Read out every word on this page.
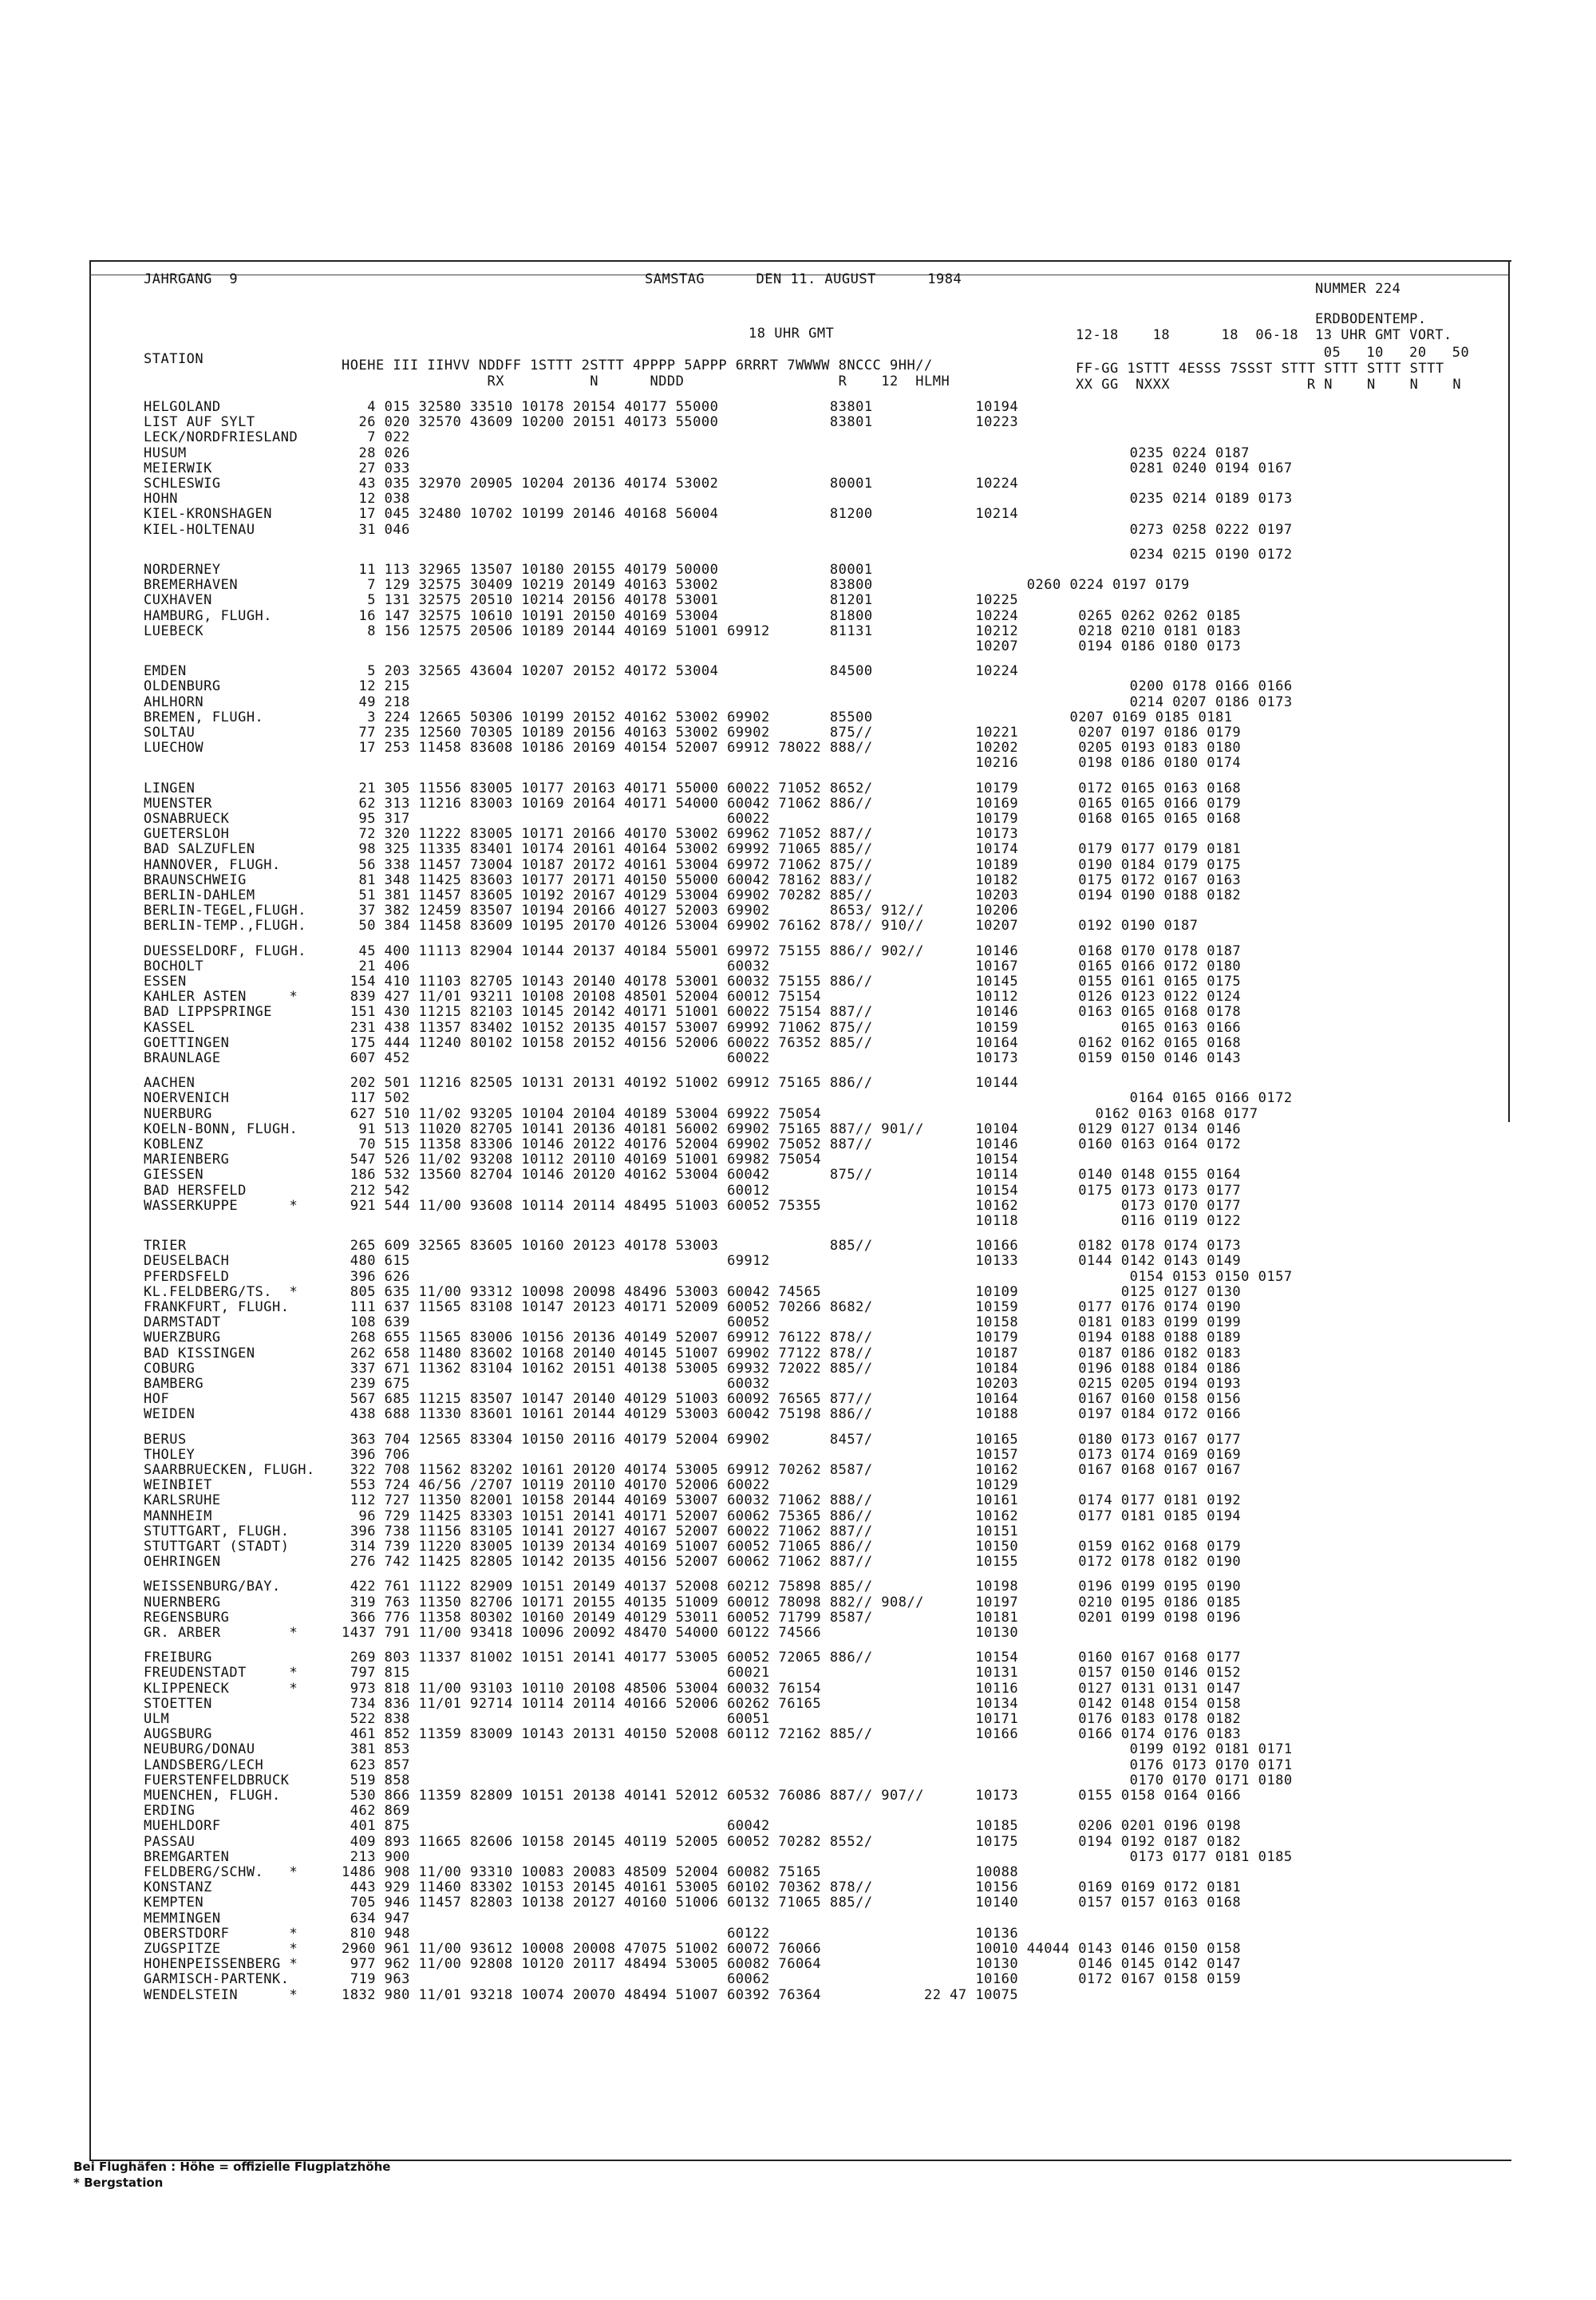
JAHRGANG  9	SAMSTAG      DEN 11. AUGUST      1984
NUMMER 224
ERDBODENTEMP.
18 UHR GMT	12-18    18      18  06-18 13 UHR GMT VORT.
05   10   20   50
STATION	HOEHE III IIHVV NDDFF 1STTT 2STTT 4PPPP 5APPP 6RRRT 7WWWW 8NCCC 9HH//	FF-GG 1STTT 4ESSS 7SSST STTT STTT STTT STTT
RX          N      NDDD                  R    12  HLMH	XX GG  NXXX                R N    N    N    N
HELGOLAND	4 015 32580 33510 10178 20154 40177 55000             83801            10194
LIST AUF SYLT	26 020 32570 43609 10200 20151 40173 55000             83801            10223
LECK/NORDFRIESLAND	7 022
HUSUM	28 026                                                                                    0235 0224 0187
MEIERWIK	27 033                                                                                    0281 0240 0194 0167
SCHLESWIG	43 035 32970 20905 10204 20136 40174 53002             80001            10224
HOHN	12 038                                                                                    0235 0214 0189 0173
KIEL-KRONSHAGEN	17 045 32480 10702 10199 20146 40168 56004             81200            10214
KIEL-HOLTENAU	31 046                                                                                    0273 0258 0222 0197
0234 0215 0190 0172
NORDERNEY	11 113 32965 13507 10180 20155 40179 50000             80001
BREMERHAVEN	7 129 32575 30409 10219 20149 40163 53002             83800                  0260 0224 0197 0179
CUXHAVEN	5 131 32575 20510 10214 20156 40178 53001             81201            10225
HAMBURG, FLUGH.	16 147 32575 10610 10191 20150 40169 53004             81800            10224       0265 0262 0262 0185
LUEBECK	8 156 12575 20506 10189 20144 40169 51001 69912       81131            10212       0218 0210 0181 0183
10207       0194 0186 0180 0173
EMDEN	5 203 32565 43604 10207 20152 40172 53004             84500            10224
OLDENBURG	12 215                                                                                    0200 0178 0166 0166
AHLHORN	49 218                                                                                    0214 0207 0186 0173
BREMEN, FLUGH.	3 224 12665 50306 10199 20152 40162 53002 69902       85500                       0207 0169 0185 0181
SOLTAU	77 235 12560 70305 10189 20156 40163 53002 69902       875//            10221       0207 0197 0186 0179
LUECHOW	17 253 11458 83608 10186 20169 40154 52007 69912 78022 888//            10202       0205 0193 0183 0180
10216       0198 0186 0180 0174
LINGEN	21 305 11556 83005 10177 20163 40171 55000 60022 71052 8652/            10179       0172 0165 0163 0168
MUENSTER	62 313 11216 83003 10169 20164 40171 54000 60042 71062 886//            10169       0165 0165 0166 0179
OSNABRUECK	95 317                                     60022                        10179       0168 0165 0165 0168
GUETERSLOH	72 320 11222 83005 10171 20166 40170 53002 69962 71052 887//            10173
BAD SALZUFLEN	98 325 11335 83401 10174 20161 40164 53002 69992 71065 885//            10174       0179 0177 0179 0181
HANNOVER, FLUGH.	56 338 11457 73004 10187 20172 40161 53004 69972 71062 875//            10189       0190 0184 0179 0175
BRAUNSCHWEIG	81 348 11425 83603 10177 20171 40150 55000 60042 78162 883//            10182       0175 0172 0167 0163
BERLIN-DAHLEM	51 381 11457 83605 10192 20167 40129 53004 69902 70282 885//            10203       0194 0190 0188 0182
BERLIN-TEGEL,FLUGH.	37 382 12459 83507 10194 20166 40127 52003 69902       8653/ 912//      10206
BERLIN-TEMP.,FLUGH.	50 384 11458 83609 10195 20170 40126 53004 69902 76162 878// 910//      10207       0192 0190 0187
DUESSELDORF, FLUGH.	45 400 11113 82904 10144 20137 40184 55001 69972 75155 886// 902//      10146       0168 0170 0178 0187
BOCHOLT	21 406                                     60032                        10167       0165 0166 0172 0180
ESSEN	154 410 11103 82705 10143 20140 40178 53001 60032 75155 886//            10145       0155 0161 0165 0175
KAHLER ASTEN     *	839 427 11/01 93211 10108 20108 48501 52004 60012 75154                  10112       0126 0123 0122 0124
BAD LIPPSPRINGE	151 430 11215 82103 10145 20142 40171 51001 60022 75154 887//            10146       0163 0165 0168 0178
KASSEL	231 438 11357 83402 10152 20135 40157 53007 69992 71062 875//            10159            0165 0163 0166
GOETTINGEN	175 444 11240 80102 10158 20152 40156 52006 60022 76352 885//            10164       0162 0162 0165 0168
BRAUNLAGE	607 452                                     60022                        10173       0159 0150 0146 0143
AACHEN	202 501 11216 82505 10131 20131 40192 51002 69912 75165 886//            10144
NOERVENICH	117 502                                                                                    0164 0165 0166 0172
NUERBURG	627 510 11/02 93205 10104 20104 40189 53004 69922 75054                                0162 0163 0168 0177
KOELN-BONN, FLUGH.	91 513 11020 82705 10141 20136 40181 56002 69902 75165 887// 901//      10104       0129 0127 0134 0146
KOBLENZ	70 515 11358 83306 10146 20122 40176 52004 69902 75052 887//            10146       0160 0163 0164 0172
MARIENBERG	547 526 11/02 93208 10112 20110 40169 51001 69982 75054                  10154
GIESSEN	186 532 13560 82704 10146 20120 40162 53004 60042       875//            10114       0140 0148 0155 0164
BAD HERSFELD	212 542                                     60012                        10154       0175 0173 0173 0177
WASSERKUPPE      *	921 544 11/00 93608 10114 20114 48495 51003 60052 75355                  10162            0173 0170 0177
10118            0116 0119 0122
TRIER	265 609 32565 83605 10160 20123 40178 53003             885//            10166       0182 0178 0174 0173
DEUSELBACH	480 615                                     69912                        10133       0144 0142 0143 0149
PFERDSFELD	396 626                                                                                    0154 0153 0150 0157
KL.FELDBERG/TS.  *	805 635 11/00 93312 10098 20098 48496 53003 60042 74565                  10109            0125 0127 0130
FRANKFURT, FLUGH.	111 637 11565 83108 10147 20123 40171 52009 60052 70266 8682/            10159       0177 0176 0174 0190
DARMSTADT	108 639                                     60052                        10158       0181 0183 0199 0199
WUERZBURG	268 655 11565 83006 10156 20136 40149 52007 69912 76122 878//            10179       0194 0188 0188 0189
BAD KISSINGEN	262 658 11480 83602 10168 20140 40145 51007 69902 77122 878//            10187       0187 0186 0182 0183
COBURG	337 671 11362 83104 10162 20151 40138 53005 69932 72022 885//            10184       0196 0188 0184 0186
BAMBERG	239 675                                     60032                        10203       0215 0205 0194 0193
HOF	567 685 11215 83507 10147 20140 40129 51003 60092 76565 877//            10164       0167 0160 0158 0156
WEIDEN	438 688 11330 83601 10161 20144 40129 53003 60042 75198 886//            10188       0197 0184 0172 0166
BERUS	363 704 12565 83304 10150 20116 40179 52004 69902       8457/            10165       0180 0173 0167 0177
THOLEY	396 706                                                                  10157       0173 0174 0169 0169
SAARBRUECKEN, FLUGH. 322 708 11562 83202 10161 20120 40174 53005 69912 70262 8587/            10162       0167 0168 0167 0167
WEINBIET	553 724 46/56 /2707 10119 20110 40170 52006 60022                        10129
KARLSRUHE	112 727 11350 82001 10158 20144 40169 53007 60032 71062 888//            10161       0174 0177 0181 0192
MANNHEIM	96 729 11425 83303 10151 20141 40171 52007 60062 75365 886//            10162       0177 0181 0185 0194
STUTTGART, FLUGH.	396 738 11156 83105 10141 20127 40167 52007 60022 71062 887//            10151
STUTTGART (STADT)	314 739 11220 83005 10139 20134 40169 51007 60052 71065 886//            10150       0159 0162 0168 0179
OEHRINGEN	276 742 11425 82805 10142 20135 40156 52007 60062 71062 887//            10155       0172 0178 0182 0190
WEISSENBURG/BAY.	422 761 11122 82909 10151 20149 40137 52008 60212 75898 885//            10198       0196 0199 0195 0190
NUERNBERG	319 763 11350 82706 10171 20155 40135 51009 60012 78098 882// 908//      10197       0210 0195 0186 0185
REGENSBURG	366 776 11358 80302 10160 20149 40129 53011 60052 71799 8587/            10181       0201 0199 0198 0196
GR. ARBER        *	1437 791 11/00 93418 10096 20092 48470 54000 60122 74566                  10130
FREIBURG	269 803 11337 81002 10151 20141 40177 53005 60052 72065 886//            10154       0160 0167 0168 0177
FREUDENSTADT     *	797 815                                     60021                        10131       0157 0150 0146 0152
KLIPPENECK       *	973 818 11/00 93103 10110 20108 48506 53004 60032 76154                  10116       0127 0131 0131 0147
STOETTEN	734 836 11/01 92714 10114 20114 40166 52006 60262 76165                  10134       0142 0148 0154 0158
ULM	522 838                                     60051                        10171       0176 0183 0178 0182
AUGSBURG	461 852 11359 83009 10143 20131 40150 52008 60112 72162 885//            10166       0166 0174 0176 0183
NEUBURG/DONAU	381 853                                                                                    0199 0192 0181 0171
LANDSBERG/LECH	623 857                                                                                    0176 0173 0170 0171
FUERSTENFELDBRUCK	519 858                                                                                    0170 0170 0171 0180
MUENCHEN, FLUGH.	530 866 11359 82809 10151 20138 40141 52012 60532 76086 887// 907//      10173       0155 0158 0164 0166
ERDING	462 869
MUEHLDORF	401 875                                     60042                        10185       0206 0201 0196 0198
PASSAU	409 893 11665 82606 10158 20145 40119 52005 60052 70282 8552/            10175       0194 0192 0187 0182
BREMGARTEN	213 900                                                                                    0173 0177 0181 0185
FELDBERG/SCHW.   *	1486 908 11/00 93310 10083 20083 48509 52004 60082 75165                  10088
KONSTANZ	443 929 11460 83302 10153 20145 40161 53005 60102 70362 878//            10156       0169 0169 0172 0181
KEMPTEN	705 946 11457 82803 10138 20127 40160 51006 60132 71065 885//            10140       0157 0157 0163 0168
MEMMINGEN	634 947
OBERSTDORF       *	810 948                                     60122                        10136
ZUGSPITZE        *	2960 961 11/00 93612 10008 20008 47075 51002 60072 76066                  10010 44044 0143 0146 0150 0158
HOHENPEISSENBERG *	977 962 11/00 92808 10120 20117 48494 53005 60082 76064                  10130       0146 0145 0142 0147
GARMISCH-PARTENK.	719 963                                     60062                        10160       0172 0167 0158 0159
WENDELSTEIN      *	1832 980 11/01 93218 10074 20070 48494 51007 60392 76364            22 47 10075
Bei Flughäfen : Höhe = offizielle Flugplatzhöhe
* Bergstation
